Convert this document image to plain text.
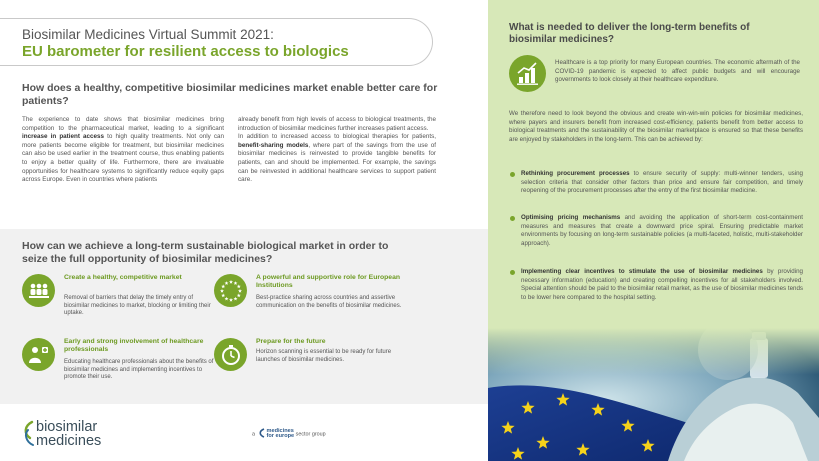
Biosimilar Medicines Virtual Summit 2021:
EU barometer for resilient access to biologics
How does a healthy, competitive biosimilar medicines market enable better care for patients?
The experience to date shows that biosimilar medicines bring competition to the pharmaceutical market, leading to a significant increase in patient access to high quality treatments. Not only can more patients become eligible for treatment, but biosimilar medicines can also be used earlier in the treatment course, thus enabling patients to enjoy a better quality of life. Furthermore, there are invaluable opportunities for healthcare systems to significantly reduce equity gaps across Europe. Even in countries where patients
already benefit from high levels of access to biological treatments, the introduction of biosimilar medicines further increases patient access.
In addition to increased access to biological therapies for patients, benefit-sharing models, where part of the savings from the use of biosimilar medicines is reinvested to provide tangible benefits for patients, can and should be implemented. For example, the savings can be reinvested in additional healthcare services to support patient care.
How can we achieve a long-term sustainable biological market in order to seize the full opportunity of biosimilar medicines?
Create a healthy, competitive market
Removal of barriers that delay the timely entry of biosimilar medicines to market, blocking or limiting their uptake.
A powerful and supportive role for European Institutions
Best-practice sharing across countries and assertive communication on the benefits of biosimilar medicines.
Early and strong involvement of healthcare professionals
Educating healthcare professionals about the benefits of biosimilar medicines and implementing incentives to promote their use.
Prepare for the future
Horizon scanning is essential to be ready for future launches of biosimilar medicines.
biosimilar
medicines	a
medicines
for europe sector group
What is needed to deliver the long-term benefits of biosimilar medicines?
Healthcare is a top priority for many European countries. The economic aftermath of the COVID-19 pandemic is expected to affect public budgets and will encourage governments to look closely at their healthcare expenditure.
We therefore need to look beyond the obvious and create win-win-win policies for biosimilar medicines, where payers and insurers benefit from increased cost-efficiency, patients benefit from better access to biological treatments and the sustainability of the biosimilar marketplace is ensured so that these benefits are enjoyed by stakeholders in the long-term. This can be achieved by:
Rethinking procurement processes to ensure security of supply: multi-winner tenders, using selection criteria that consider other factors than price and ensure fair competition, and timely reopening of the procurement processes after the entry of the first biosimilar medicine.
Optimising pricing mechanisms and avoiding the application of short-term cost-containment measures and measures that create a downward price spiral. Ensuring predictable market environments by focusing on long-term sustainable policies (a multi-faceted, holistic, multi-stakeholder approach).
Implementing clear incentives to stimulate the use of biosimilar medicines by providing necessary information (education) and creating compelling incentives for all stakeholders involved. Special attention should be paid to the biosimilar retail market, as the use of biosimilar medicines tends to be lower here compared to the hospital setting.
